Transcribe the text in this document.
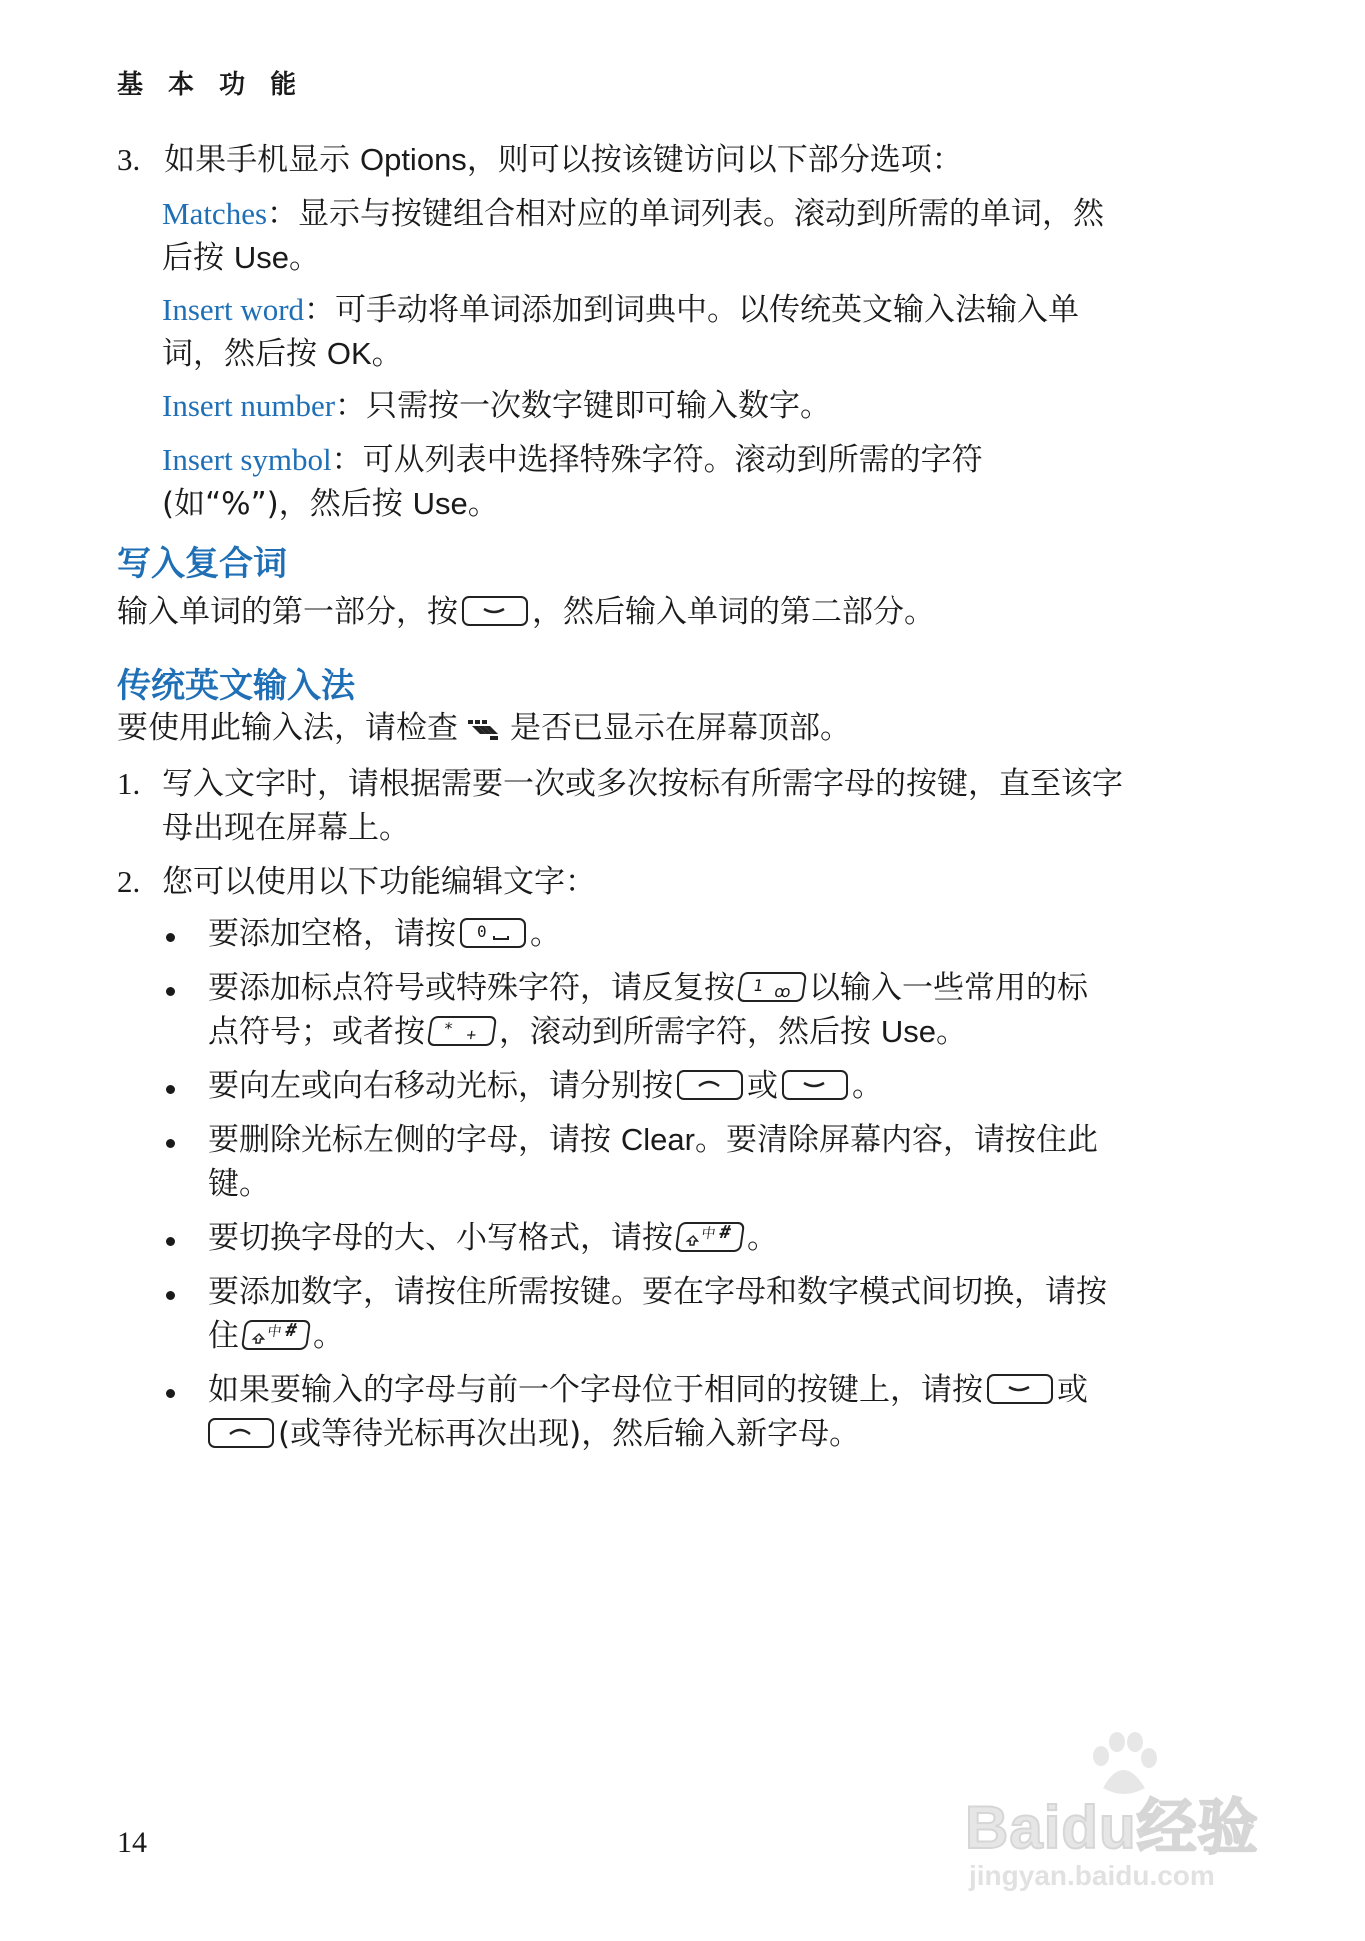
基 本 功 能
3. 如果手机显示 Options，则可以按该键访问以下部分选项：
Matches：显示与按键组合相对应的单词列表。滚动到所需的单词，然
后按 Use。
Insert word：可手动将单词添加到词典中。以传统英文输入法输入单
词，然后按 OK。
Insert number：只需按一次数字键即可输入数字。
Insert symbol：可从列表中选择特殊字符。滚动到所需的字符
(如“%”)，然后按 Use。
写入复合词
输入单词的第一部分，按 ，然后输入单词的第二部分。
传统英文输入法
要使用此输入法，请检查 是否已显示在屏幕顶部。
1. 写入文字时，请根据需要一次或多次按标有所需字母的按键，直至该字
母出现在屏幕上。
2. 您可以使用以下功能编辑文字：
要添加空格，请按 0 。
要添加标点符号或特殊字符，请反复按 1 ꝏ 以输入一些常用的标
点符号；或者按 * + ，滚动到所需字符，然后按 Use。
要向左或向右移动光标，请分别按 或 。
要删除光标左侧的字母，请按 Clear。要清除屏幕内容，请按住此
键。
要切换字母的大、小写格式，请按 中 # 。
要添加数字，请按住所需按键。要在字母和数字模式间切换，请按
住 中 # 。
如果要输入的字母与前一个字母位于相同的按键上，请按 或

(或等待光标再次出现)，然后输入新字母。
14	Baidu经验
jingyan.baidu.com
